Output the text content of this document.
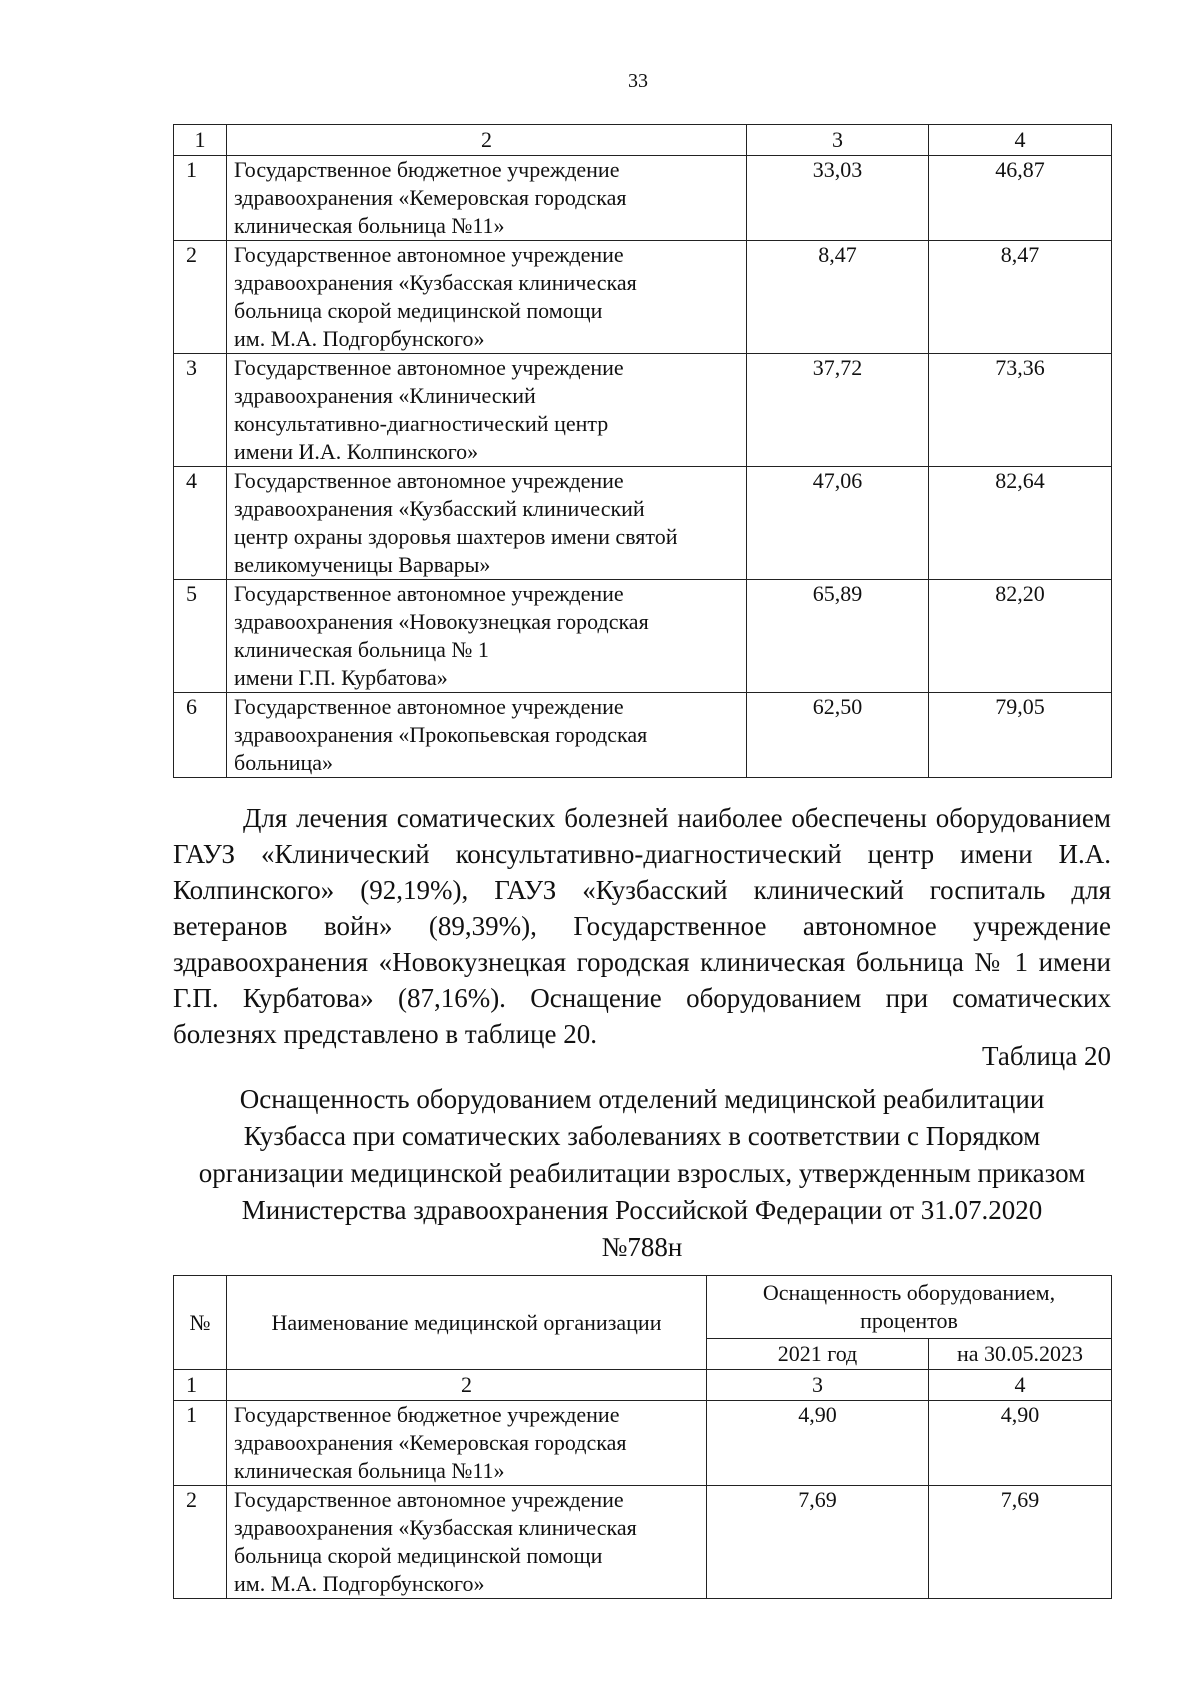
33
1	2	3	4
1	Государственное бюджетное учреждение
здравоохранения «Кемеровская городская
клиническая больница №11»	33,03	46,87
2	Государственное автономное учреждение
здравоохранения «Кузбасская клиническая
больница скорой медицинской помощи
им. М.А. Подгорбунского»	8,47	8,47
3	Государственное автономное учреждение
здравоохранения «Клинический
консультативно-диагностический центр
имени И.А. Колпинского»	37,72	73,36
4	Государственное автономное учреждение
здравоохранения «Кузбасский клинический
центр охраны здоровья шахтеров имени святой
великомученицы Варвары»	47,06	82,64
5	Государственное автономное учреждение
здравоохранения «Новокузнецкая городская
клиническая больница № 1
имени Г.П. Курбатова»	65,89	82,20
6	Государственное автономное учреждение
здравоохранения «Прокопьевская городская
больница»	62,50	79,05

Для лечения соматических болезней наиболее обеспечены оборудованием ГАУЗ «Клинический консультативно-диагностический центр имени И.А. Колпинского» (92,19%), ГАУЗ «Кузбасский клинический госпиталь для ветеранов войн» (89,39%), Государственное автономное учреждение здравоохранения «Новокузнецкая городская клиническая больница № 1 имени Г.П. Курбатова» (87,16%). Оснащение оборудованием при соматических болезнях представлено в таблице 20.

Таблица 20
Оснащенность оборудованием отделений медицинской реабилитации
Кузбасса при соматических заболеваниях в соответствии с Порядком
организации медицинской реабилитации взрослых, утвержденным приказом
Министерства здравоохранения Российской Федерации от 31.07.2020
№788н
№	Наименование медицинской организации	Оснащенность оборудованием,
процентов	

		2021 год	на 30.05.2023
1	2	3	4
1	Государственное бюджетное учреждение
здравоохранения «Кемеровская городская
клиническая больница №11»	4,90	4,90
2	Государственное автономное учреждение
здравоохранения «Кузбасская клиническая
больница скорой медицинской помощи
им. М.А. Подгорбунского»	7,69	7,69
